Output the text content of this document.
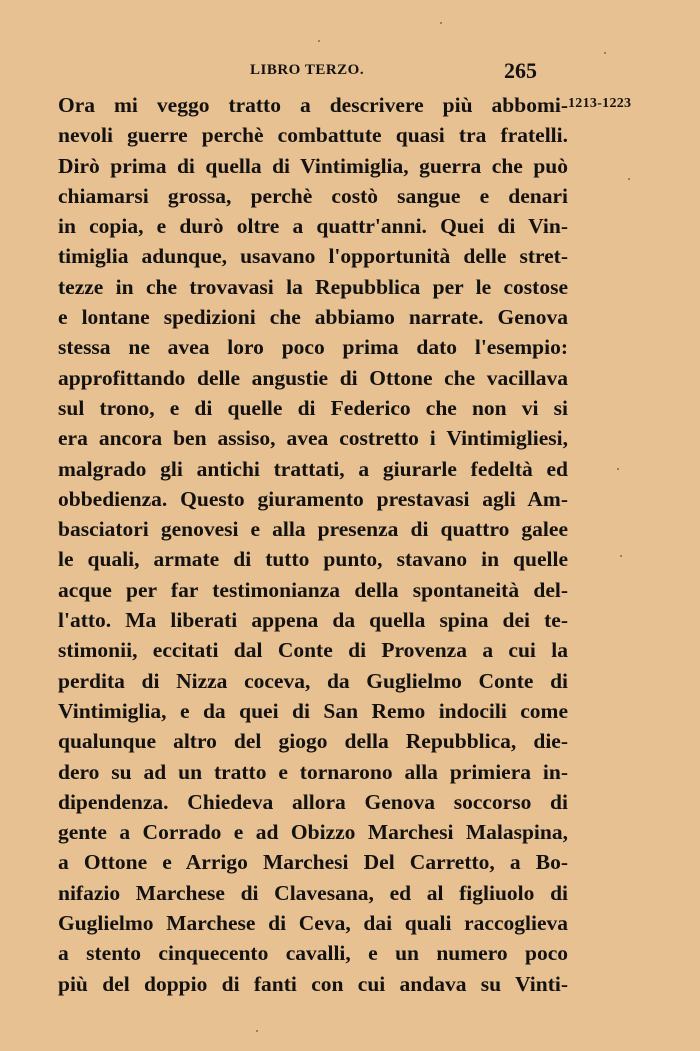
LIBRO TERZO.	265
1213-1223
Ora mi veggo tratto a descrivere più abbomi-
nevoli guerre perchè combattute quasi tra fratelli.
Dirò prima di quella di Vintimiglia, guerra che può
chiamarsi grossa, perchè costò sangue e denari
in copia, e durò oltre a quattr'anni. Quei di Vin-
timiglia adunque, usavano l'opportunità delle stret-
tezze in che trovavasi la Repubblica per le costose
e lontane spedizioni che abbiamo narrate. Genova
stessa ne avea loro poco prima dato l'esempio:
approfittando delle angustie di Ottone che vacillava
sul trono, e di quelle di Federico che non vi si
era ancora ben assiso, avea costretto i Vintimigliesi,
malgrado gli antichi trattati, a giurarle fedeltà ed
obbedienza. Questo giuramento prestavasi agli Am-
basciatori genovesi e alla presenza di quattro galee
le quali, armate di tutto punto, stavano in quelle
acque per far testimonianza della spontaneità del-
l'atto. Ma liberati appena da quella spina dei te-
stimonii, eccitati dal Conte di Provenza a cui la
perdita di Nizza coceva, da Guglielmo Conte di
Vintimiglia, e da quei di San Remo indocili come
qualunque altro del giogo della Repubblica, die-
dero su ad un tratto e tornarono alla primiera in-
dipendenza. Chiedeva allora Genova soccorso di
gente a Corrado e ad Obizzo Marchesi Malaspina,
a Ottone e Arrigo Marchesi Del Carretto, a Bo-
nifazio Marchese di Clavesana, ed al figliuolo di
Guglielmo Marchese di Ceva, dai quali raccoglieva
a stento cinquecento cavalli, e un numero poco
più del doppio di fanti con cui andava su Vinti-
